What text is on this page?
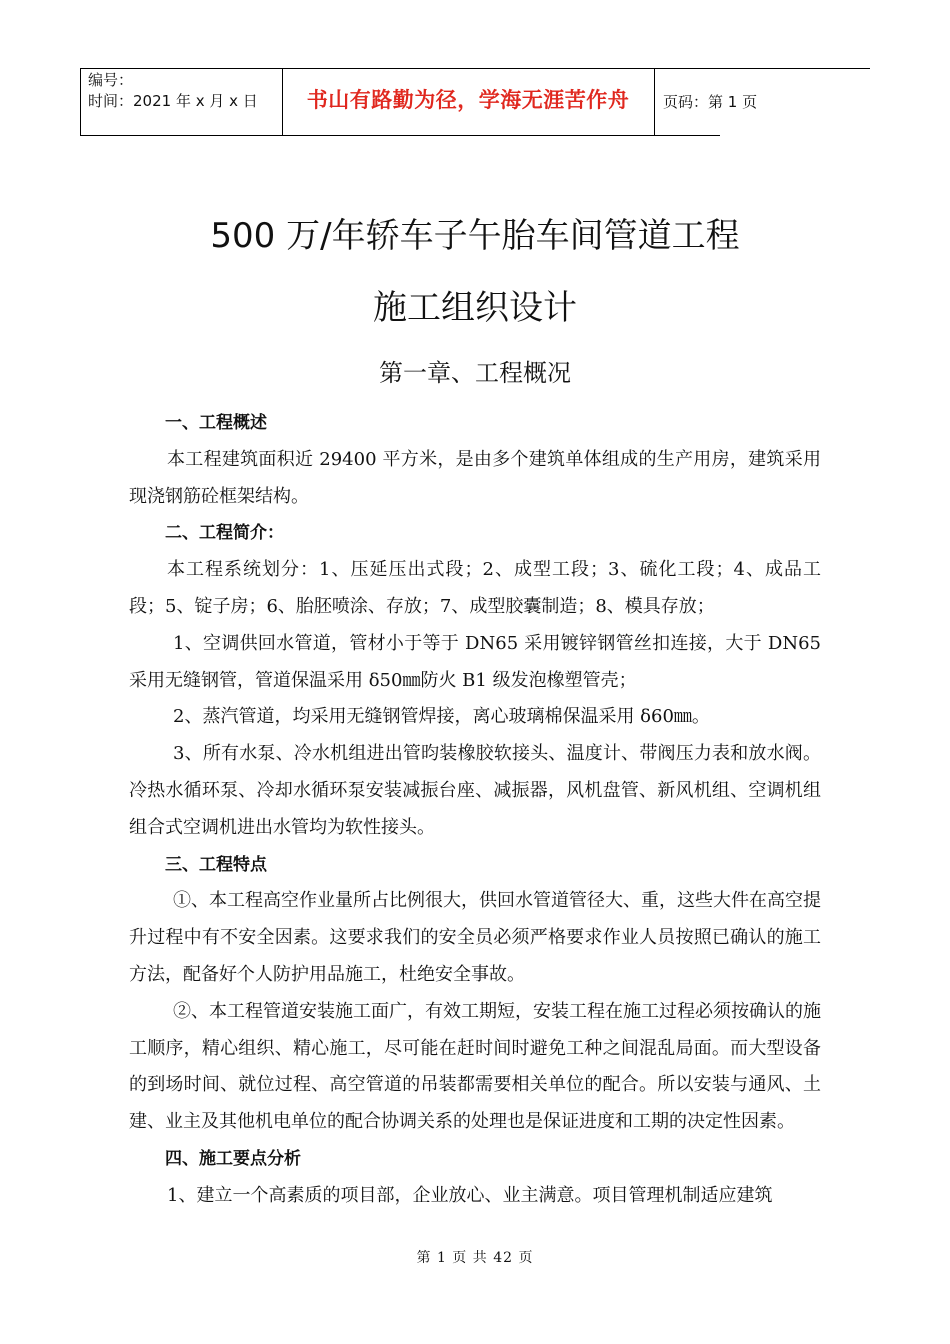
编号：
时间：2021 年 x 月 x 日	书山有路勤为径，学海无涯苦作舟	页码：第 1 页
500 万/年轿车子午胎车间管道工程
施工组织设计
第一章、工程概况

一、工程概述

本工程建筑面积近 29400 平方米，是由多个建筑单体组成的生产用房，建筑采用现浇钢筋砼框架结构。

二、工程简介：

本工程系统划分：1、压延压出式段；2、成型工段；3、硫化工段；4、成品工段；5、锭子房；6、胎胚喷涂、存放；7、成型胶囊制造；8、模具存放；

1、空调供回水管道，管材小于等于 DN65 采用镀锌钢管丝扣连接，大于 DN65 采用无缝钢管，管道保温采用 δ50㎜防火 B1 级发泡橡塑管壳；

2、蒸汽管道，均采用无缝钢管焊接，离心玻璃棉保温采用 δ60㎜。

3、所有水泵、冷水机组进出管昀装橡胶软接头、温度计、带阀压力表和放水阀。冷热水循环泵、冷却水循环泵安装减振台座、减振器，风机盘管、新风机组、空调机组组合式空调机进出水管均为软性接头。

三、工程特点

①、本工程高空作业量所占比例很大，供回水管道管径大、重，这些大件在高空提升过程中有不安全因素。这要求我们的安全员必须严格要求作业人员按照已确认的施工方法，配备好个人防护用品施工，杜绝安全事故。

②、本工程管道安装施工面广，有效工期短，安装工程在施工过程必须按确认的施工顺序，精心组织、精心施工，尽可能在赶时间时避免工种之间混乱局面。而大型设备的到场时间、就位过程、高空管道的吊装都需要相关单位的配合。所以安装与通风、土建、业主及其他机电单位的配合协调关系的处理也是保证进度和工期的决定性因素。

四、施工要点分析

1、建立一个高素质的项目部，企业放心、业主满意。项目管理机制适应建筑

第 1 页 共 42 页
